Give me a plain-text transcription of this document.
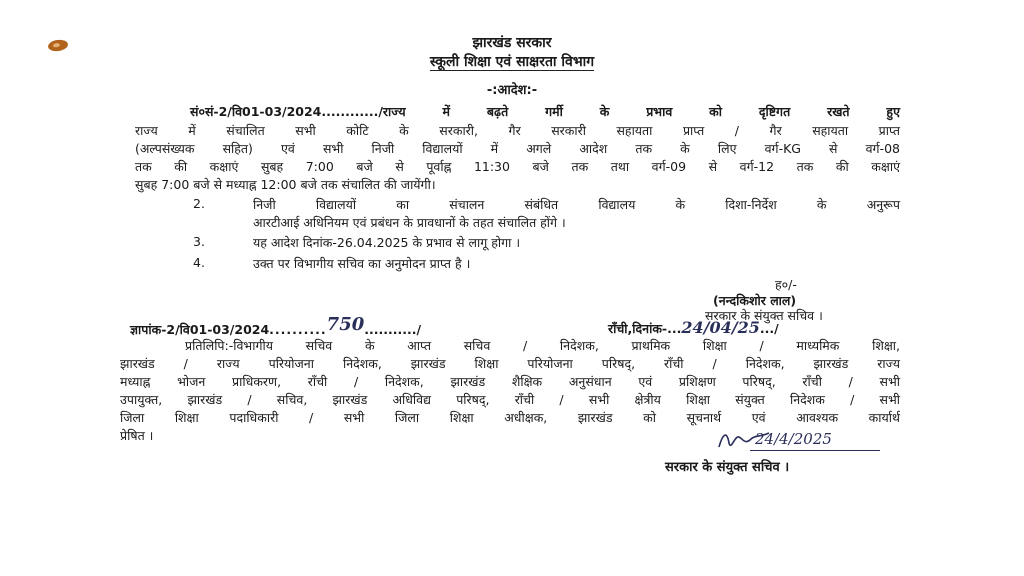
झारखंड सरकार
स्कूली शिक्षा एवं साक्षरता विभाग
-:आदेश:-
सं०सं-2/वि01-03/2024............/राज्य में बढ़ते गर्मी के प्रभाव को दृष्टिगत रखते हुए
राज्य में संचालित सभी कोटि के सरकारी, गैर सरकारी सहायता प्राप्त / गैर सहायता प्राप्त
(अल्पसंख्यक सहित) एवं सभी निजी विद्यालयों में अगले आदेश तक के लिए वर्ग-KG से वर्ग-08
तक की कक्षाएं सुबह 7:00 बजे से पूर्वाह्न 11:30 बजे तक तथा वर्ग-09 से वर्ग-12 तक की कक्षाएं
सुबह 7:00 बजे से मध्याह्न 12:00 बजे तक संचालित की जायेंगी।
2.	निजी विद्यालयों का संचालन संबंधित विद्यालय के दिशा-निर्देश के अनुरूप
आरटीआई अधिनियम एवं प्रबंधन के प्रावधानों के तहत संचालित होंगे ।
3.	यह आदेश दिनांक-26.04.2025 के प्रभाव से लागू होगा ।
4.	उक्त पर विभागीय सचिव का अनुमोदन प्राप्त है ।
ह०/-
(नन्दकिशोर लाल)
सरकार के संयुक्त सचिव ।
ज्ञापांक-2/वि01-03/2024..........750.........../	राँची,दिनांक-...24/04/25.../
प्रतिलिपि:-विभागीय सचिव के आप्त सचिव / निदेशक, प्राथमिक शिक्षा / माध्यमिक शिक्षा,
झारखंड / राज्य परियोजना निदेशक, झारखंड शिक्षा परियोजना परिषद्, राँची / निदेशक, झारखंड राज्य
मध्याह्न भोजन प्राधिकरण, राँची / निदेशक, झारखंड शैक्षिक अनुसंधान एवं प्रशिक्षण परिषद्, राँची / सभी
उपायुक्त, झारखंड / सचिव, झारखंड अधिविद्य परिषद्, राँची / सभी क्षेत्रीय शिक्षा संयुक्त निदेशक / सभी
जिला शिक्षा पदाधिकारी / सभी जिला शिक्षा अधीक्षक, झारखंड को सूचनार्थ एवं आवश्यक कार्यार्थ
प्रेषित ।	24/4/2025
सरकार के संयुक्त सचिव ।
